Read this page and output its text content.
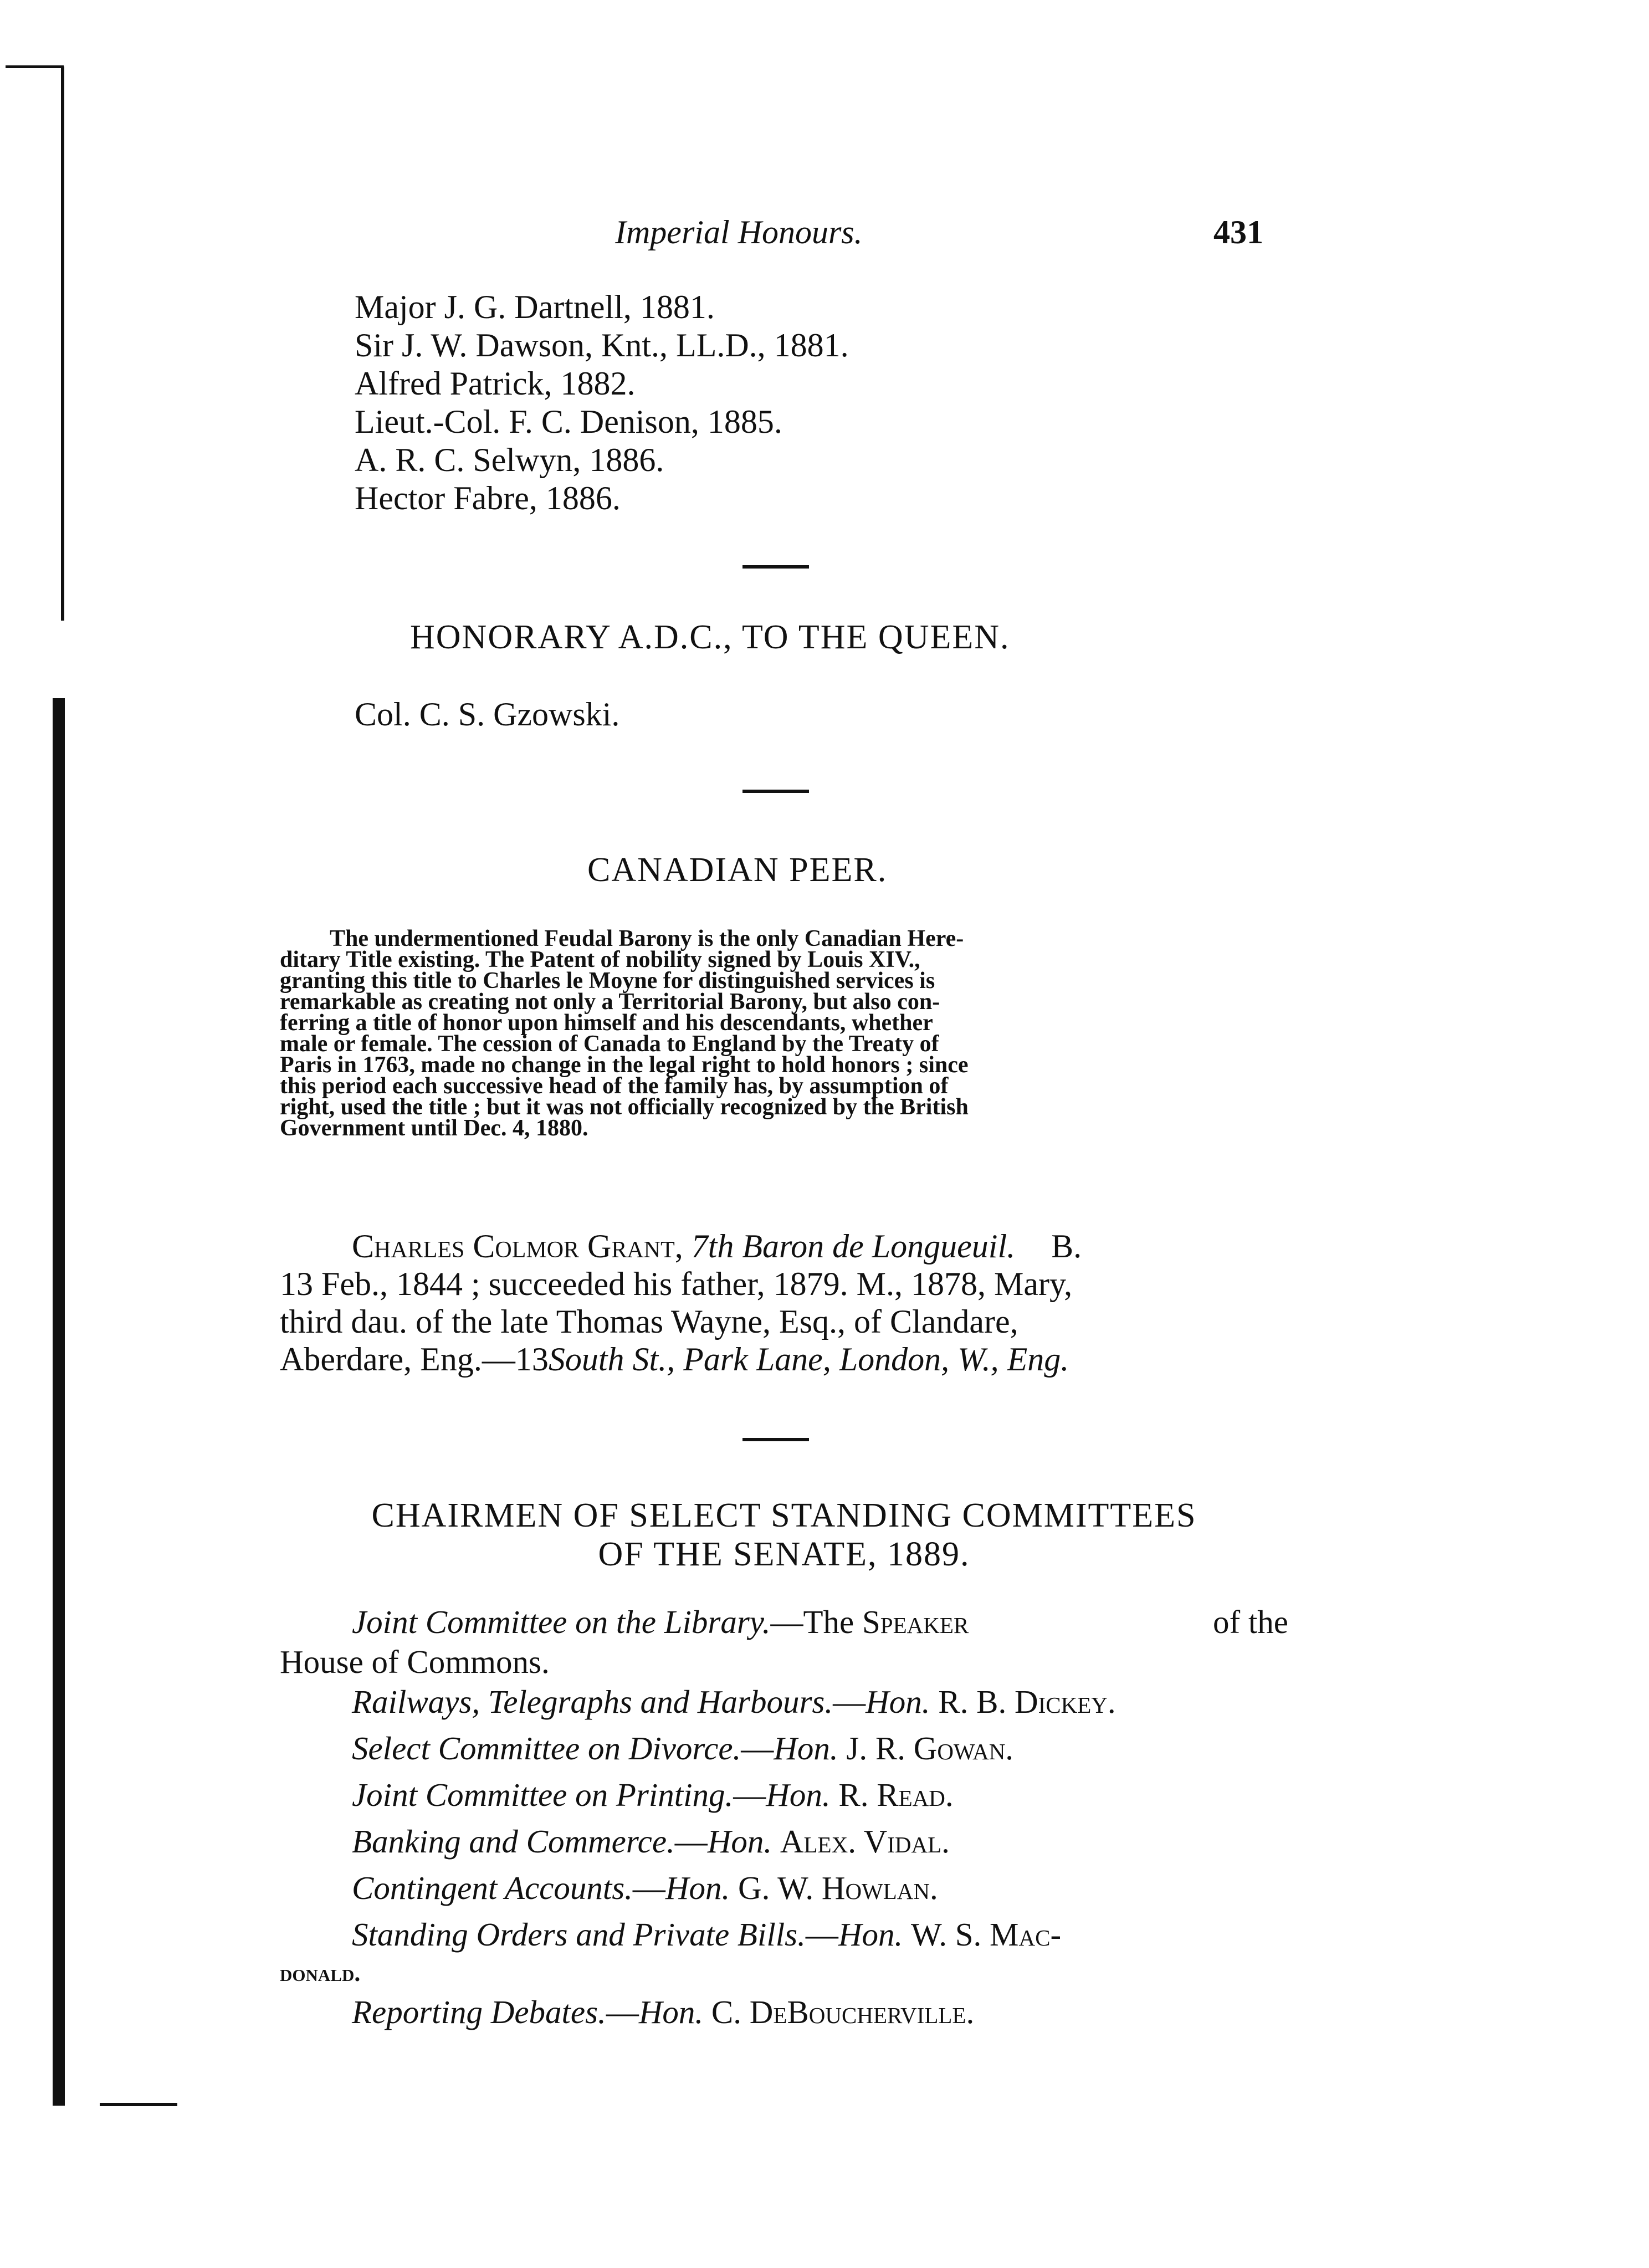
Imperial Honours.	431
Major J. G. Dartnell, 1881.
Sir J. W. Dawson, Knt., LL.D., 1881.
Alfred Patrick, 1882.
Lieut.-Col. F. C. Denison, 1885.
A. R. C. Selwyn, 1886.
Hector Fabre, 1886.
HONORARY A.D.C., TO THE QUEEN.
Col. C. S. Gzowski.
CANADIAN PEER.
The undermentioned Feudal Barony is the only Canadian Here-
ditary Title existing. The Patent of nobility signed by Louis XIV.,
granting this title to Charles le Moyne for distinguished services is
remarkable as creating not only a Territorial Barony, but also con-
ferring a title of honor upon himself and his descendants, whether
male or female. The cession of Canada to England by the Treaty of
Paris in 1763, made no change in the legal right to hold honors ; since
this period each successive head of the family has, by assumption of
right, used the title ; but it was not officially recognized by the British
Government until Dec. 4, 1880.
Charles Colmor Grant, 7th Baron de Longueuil. B.
13 Feb., 1844 ; succeeded his father, 1879. M., 1878, Mary,
third dau. of the late Thomas Wayne, Esq., of Clandare,
Aberdare, Eng.—13South St., Park Lane, London, W., Eng.
CHAIRMEN OF SELECT STANDING COMMITTEES
OF THE SENATE, 1889.
Joint Committee on the Library.—The Speaker	of the
House of Commons.
Railways, Telegraphs and Harbours.—Hon. R. B. Dickey.
Select Committee on Divorce.—Hon. J. R. Gowan.
Joint Committee on Printing.—Hon. R. Read.
Banking and Commerce.—Hon. Alex. Vidal.
Contingent Accounts.—Hon. G. W. Howlan.
Standing Orders and Private Bills.—Hon. W. S. Mac-
donald.
Reporting Debates.—Hon. C. DeBoucherville.
